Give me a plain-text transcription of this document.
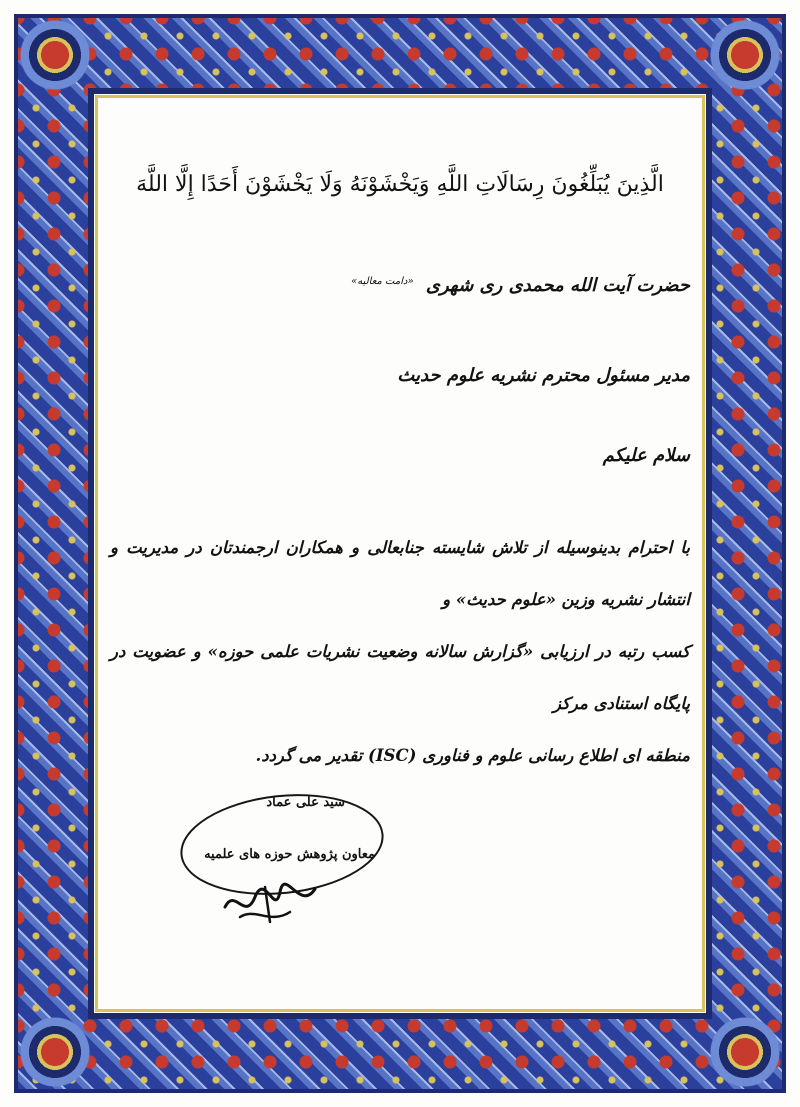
الَّذِينَ يُبَلِّغُونَ رِسَالَاتِ اللَّهِ وَيَخْشَوْنَهُ وَلَا يَخْشَوْنَ أَحَدًا إِلَّا اللَّهَ
حضرت آیت الله محمدی ری شهری $^{«دامت معالیه»}$
مدیر مسئول محترم نشریه علوم حدیث
سلام علیکم
با احترام بدینوسیله از تلاش شایسته جنابعالی و همکاران ارجمندتان در مدیریت و انتشار نشریه وزین «علوم حدیث» و
کسب رتبه در ارزیابی «گزارش سالانه وضعیت نشریات علمی حوزه» و عضویت در پایگاه استنادی مرکز
منطقه ای اطلاع رسانی علوم و فناوری (ISC) تقدیر می گردد.
سید علی عماد
معاون پژوهش حوزه های علمیه
